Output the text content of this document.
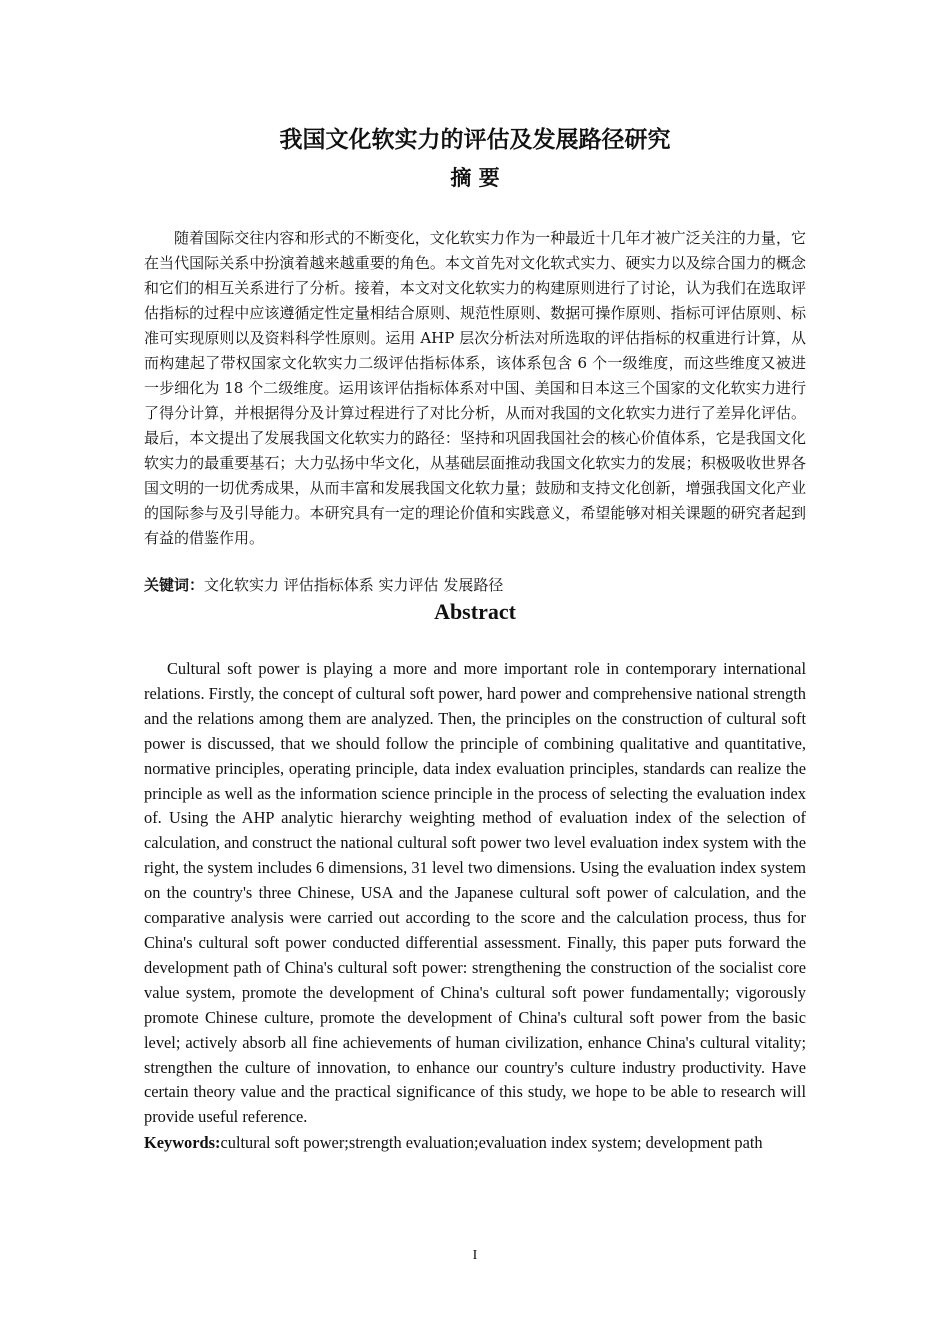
我国文化软实力的评估及发展路径研究
摘 要

随着国际交往内容和形式的不断变化，文化软实力作为一种最近十几年才被广泛关注的力量，它在当代国际关系中扮演着越来越重要的角色。本文首先对文化软式实力、硬实力以及综合国力的概念和它们的相互关系进行了分析。接着，本文对文化软实力的构建原则进行了讨论，认为我们在选取评估指标的过程中应该遵循定性定量相结合原则、规范性原则、数据可操作原则、指标可评估原则、标准可实现原则以及资料科学性原则。运用 AHP 层次分析法对所选取的评估指标的权重进行计算，从而构建起了带权国家文化软实力二级评估指标体系，该体系包含 6 个一级维度，而这些维度又被进一步细化为 18 个二级维度。运用该评估指标体系对中国、美国和日本这三个国家的文化软实力进行了得分计算，并根据得分及计算过程进行了对比分析，从而对我国的文化软实力进行了差异化评估。最后，本文提出了发展我国文化软实力的路径：坚持和巩固我国社会的核心价值体系，它是我国文化软实力的最重要基石；大力弘扬中华文化，从基础层面推动我国文化软实力的发展；积极吸收世界各国文明的一切优秀成果，从而丰富和发展我国文化软力量；鼓励和支持文化创新，增强我国文化产业的国际参与及引导能力。本研究具有一定的理论价值和实践意义，希望能够对相关课题的研究者起到有益的借鉴作用。

关键词：文化软实力 评估指标体系 实力评估 发展路径
Abstract

Cultural soft power is playing a more and more important role in contemporary international relations. Firstly, the concept of cultural soft power, hard power and comprehensive national strength and the relations among them are analyzed. Then, the principles on the construction of cultural soft power is discussed, that we should follow the principle of combining qualitative and quantitative, normative principles, operating principle, data index evaluation principles, standards can realize the principle as well as the information science principle in the process of selecting the evaluation index of. Using the AHP analytic hierarchy weighting method of evaluation index of the selection of calculation, and construct the national cultural soft power two level evaluation index system with the right, the system includes 6 dimensions, 31 level two dimensions. Using the evaluation index system on the country's three Chinese, USA and the Japanese cultural soft power of calculation, and the comparative analysis were carried out according to the score and the calculation process, thus for China's cultural soft power conducted differential assessment. Finally, this paper puts forward the development path of China's cultural soft power: strengthening the construction of the socialist core value system, promote the development of China's cultural soft power fundamentally; vigorously promote Chinese culture, promote the development of China's cultural soft power from the basic level; actively absorb all fine achievements of human civilization, enhance China's cultural vitality; strengthen the culture of innovation, to enhance our country's culture industry productivity. Have certain theory value and the practical significance of this study, we hope to be able to research will provide useful reference.

Keywords:cultural soft power;strength evaluation;evaluation index system; development path
I
